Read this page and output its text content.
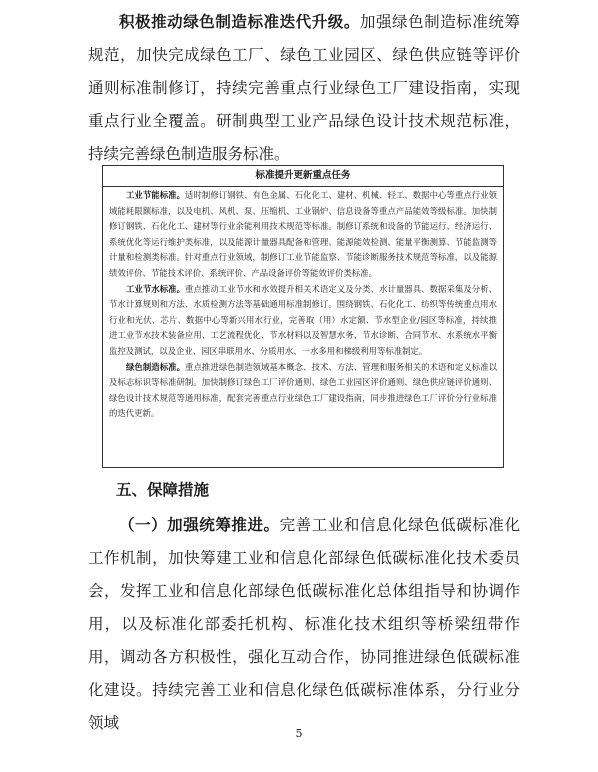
积极推动绿色制造标准迭代升级。加强绿色制造标准统筹规范，加快完成绿色工厂、绿色工业园区、绿色供应链等评价通则标准制修订，持续完善重点行业绿色工厂建设指南，实现重点行业全覆盖。研制典型工业产品绿色设计技术规范标准，持续完善绿色制造服务标准。

标准提升更新重点任务

工业节能标准。适时制修订钢铁、有色金属、石化化工、建材、机械、轻工、数据中心等重点行业领域能耗限额标准，以及电机、风机、泵、压缩机、工业锅炉、信息设备等重点产品能效等级标准。加快制修订钢铁、石化化工、建材等行业余能利用技术规范等标准。制修订系统和设备的节能运行、经济运行、系统优化等运行维护类标准，以及能源计量器具配备和管理、能源能效检测、能量平衡测算、节能监测等计量和检测类标准。针对重点行业领域，制修订工业节能监察、节能诊断服务技术规范等标准，以及能源绩效评价、节能技术评价、系统评价、产品设备评价等能效评价类标准。

工业节水标准。重点推动工业节水和水效提升相关术语定义及分类、水计量器具、数据采集及分析、节水计算规则和方法、水质检测方法等基础通用标准制修订。围绕钢铁、石化化工、纺织等传统重点用水行业和光伏、芯片、数据中心等新兴用水行业，完善取（用）水定额、节水型企业/园区等标准，持续推进工业节水技术装备应用、工艺流程优化、节水材料以及智慧水务、节水诊断、合同节水、水系统水平衡监控及测试，以及企业、园区串联用水、分质用水、一水多用和梯级利用等标准制定。

绿色制造标准。重点推进绿色制造领域基本概念、技术、方法、管理和服务相关的术语和定义标准以及标志标识等标准研制。加快制修订绿色工厂评价通则、绿色工业园区评价通则、绿色供应链评价通则、绿色设计技术规范等通用标准，配套完善重点行业绿色工厂建设指南，同步推进绿色工厂评价分行业标准的迭代更新。

五、保障措施

（一）加强统筹推进。完善工业和信息化绿色低碳标准化工作机制，加快筹建工业和信息化部绿色低碳标准化技术委员会，发挥工业和信息化部绿色低碳标准化总体组指导和协调作用，以及标准化部委托机构、标准化技术组织等桥梁纽带作用，调动各方积极性，强化互动合作，协同推进绿色低碳标准化建设。持续完善工业和信息化绿色低碳标准体系，分行业分领域

5
